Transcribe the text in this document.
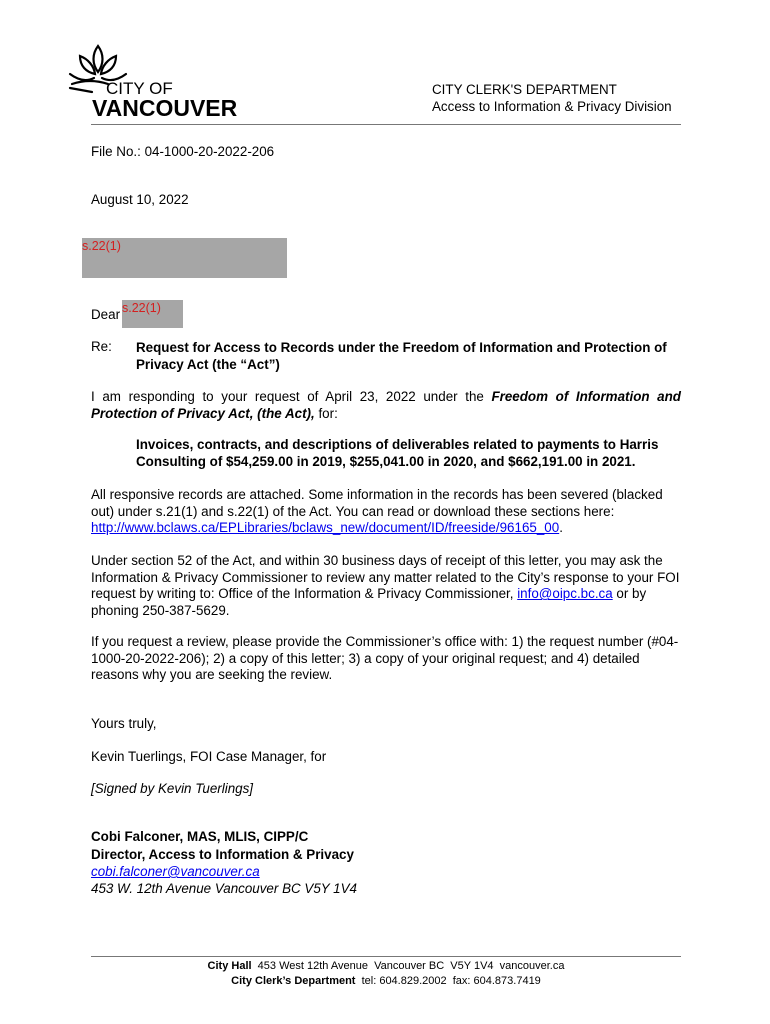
CITY OF
VANCOUVER
CITY CLERK'S DEPARTMENT
Access to Information & Privacy Division
File No.: 04-1000-20-2022-206
August 10, 2022
s.22(1)
Dear s.22(1)
Re: Request for Access to Records under the Freedom of Information and Protection of Privacy Act (the “Act”)
I am responding to your request of April 23, 2022 under the Freedom of Information and Protection of Privacy Act, (the Act), for:
Invoices, contracts, and descriptions of deliverables related to payments to Harris Consulting of $54,259.00 in 2019, $255,041.00 in 2020, and $662,191.00 in 2021.
All responsive records are attached. Some information in the records has been severed (blacked out) under s.21(1) and s.22(1) of the Act. You can read or download these sections here: http://www.bclaws.ca/EPLibraries/bclaws_new/document/ID/freeside/96165_00.
Under section 52 of the Act, and within 30 business days of receipt of this letter, you may ask the Information & Privacy Commissioner to review any matter related to the City’s response to your FOI request by writing to: Office of the Information & Privacy Commissioner, info@oipc.bc.ca or by phoning 250-387-5629.
If you request a review, please provide the Commissioner’s office with: 1) the request number (#04-1000-20-2022-206); 2) a copy of this letter; 3) a copy of your original request; and 4) detailed reasons why you are seeking the review.
Yours truly,
Kevin Tuerlings, FOI Case Manager, for
[Signed by Kevin Tuerlings]
Cobi Falconer, MAS, MLIS, CIPP/C
Director, Access to Information & Privacy
cobi.falconer@vancouver.ca
453 W. 12th Avenue Vancouver BC V5Y 1V4
City Hall  453 West 12th Avenue  Vancouver BC  V5Y 1V4  vancouver.ca
City Clerk’s Department  tel: 604.829.2002  fax: 604.873.7419
